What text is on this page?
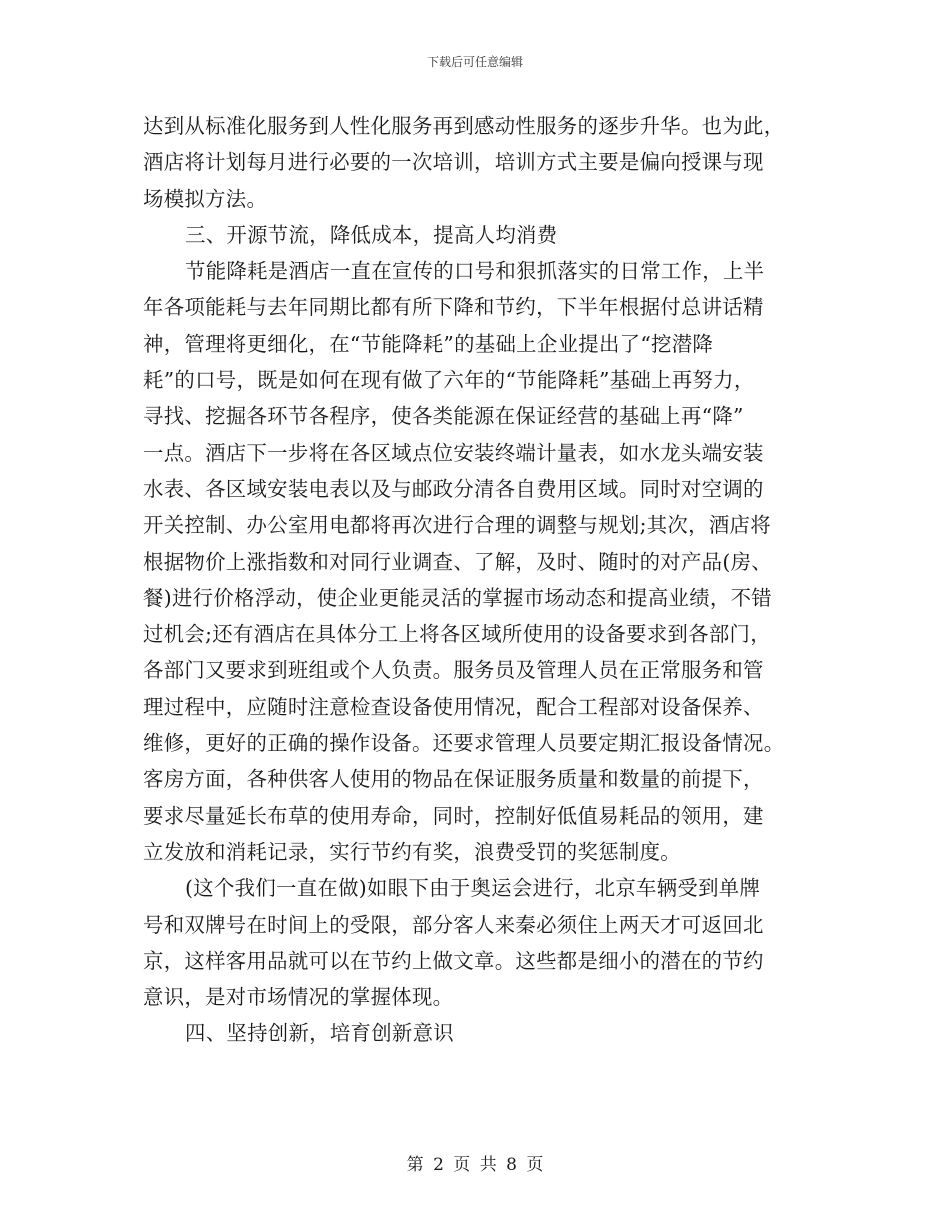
下载后可任意编辑
达到从标准化服务到人性化服务再到感动性服务的逐步升华。也为此，
酒店将计划每月进行必要的一次培训，培训方式主要是偏向授课与现
场模拟方法。
三、开源节流，降低成本，提高人均消费
节能降耗是酒店一直在宣传的口号和狠抓落实的日常工作，上半
年各项能耗与去年同期比都有所下降和节约，下半年根据付总讲话精
神，管理将更细化，在“节能降耗”的基础上企业提出了“挖潜降
耗”的口号，既是如何在现有做了六年的“节能降耗”基础上再努力，
寻找、挖掘各环节各程序，使各类能源在保证经营的基础上再“降”
一点。酒店下一步将在各区域点位安装终端计量表，如水龙头端安装
水表、各区域安装电表以及与邮政分清各自费用区域。同时对空调的
开关控制、办公室用电都将再次进行合理的调整与规划;其次，酒店将
根据物价上涨指数和对同行业调查、了解，及时、随时的对产品(房、
餐)进行价格浮动，使企业更能灵活的掌握市场动态和提高业绩，不错
过机会;还有酒店在具体分工上将各区域所使用的设备要求到各部门，
各部门又要求到班组或个人负责。服务员及管理人员在正常服务和管
理过程中，应随时注意检查设备使用情况，配合工程部对设备保养、
维修，更好的正确的操作设备。还要求管理人员要定期汇报设备情况。
客房方面，各种供客人使用的物品在保证服务质量和数量的前提下，
要求尽量延长布草的使用寿命，同时，控制好低值易耗品的领用，建
立发放和消耗记录，实行节约有奖，浪费受罚的奖惩制度。
(这个我们一直在做)如眼下由于奥运会进行，北京车辆受到单牌
号和双牌号在时间上的受限，部分客人来秦必须住上两天才可返回北
京，这样客用品就可以在节约上做文章。这些都是细小的潜在的节约
意识，是对市场情况的掌握体现。
四、坚持创新，培育创新意识
第 2 页 共 8 页
